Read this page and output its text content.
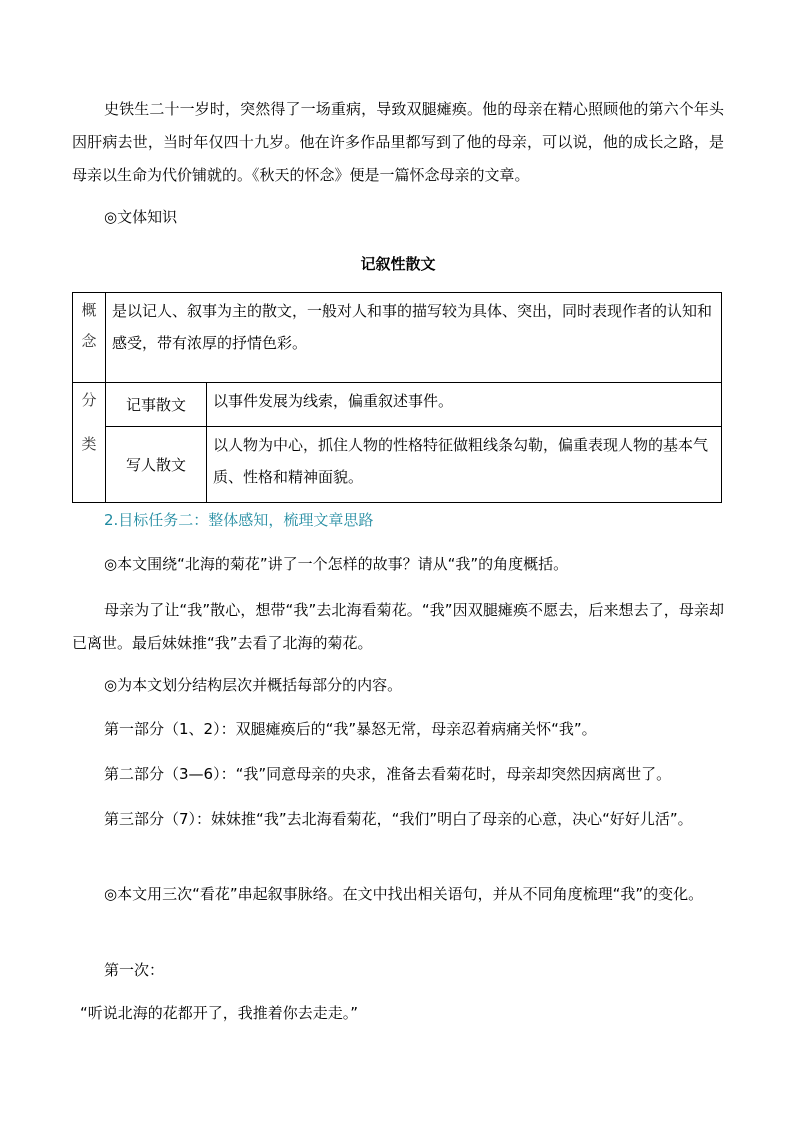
史铁生二十一岁时，突然得了一场重病，导致双腿瘫痪。他的母亲在精心照顾他的第六个年头因肝病去世，当时年仅四十九岁。他在许多作品里都写到了他的母亲，可以说，他的成长之路，是母亲以生命为代价铺就的。《秋天的怀念》便是一篇怀念母亲的文章。

◎文体知识

记叙性散文

概
念	是以记人、叙事为主的散文，一般对人和事的描写较为具体、突出，同时表现作者的认知和感受，带有浓厚的抒情色彩。	

分
类	记事散文	以事件发展为线索，偏重叙述事件。
	写人散文	以人物为中心，抓住人物的性格特征做粗线条勾勒，偏重表现人物的基本气质、性格和精神面貌。

2.目标任务二：整体感知，梳理文章思路

◎本文围绕“北海的菊花”讲了一个怎样的故事？请从“我”的角度概括。

母亲为了让“我”散心，想带“我”去北海看菊花。“我”因双腿瘫痪不愿去，后来想去了，母亲却已离世。最后妹妹推“我”去看了北海的菊花。

◎为本文划分结构层次并概括每部分的内容。

第一部分（1、2）：双腿瘫痪后的“我”暴怒无常，母亲忍着病痛关怀“我”。

第二部分（3—6）：“我”同意母亲的央求，准备去看菊花时，母亲却突然因病离世了。

第三部分（7）：妹妹推“我”去北海看菊花，“我们”明白了母亲的心意，决心“好好儿活”。

◎本文用三次“看花”串起叙事脉络。在文中找出相关语句，并从不同角度梳理“我”的变化。

第一次：

“听说北海的花都开了，我推着你去走走。”
